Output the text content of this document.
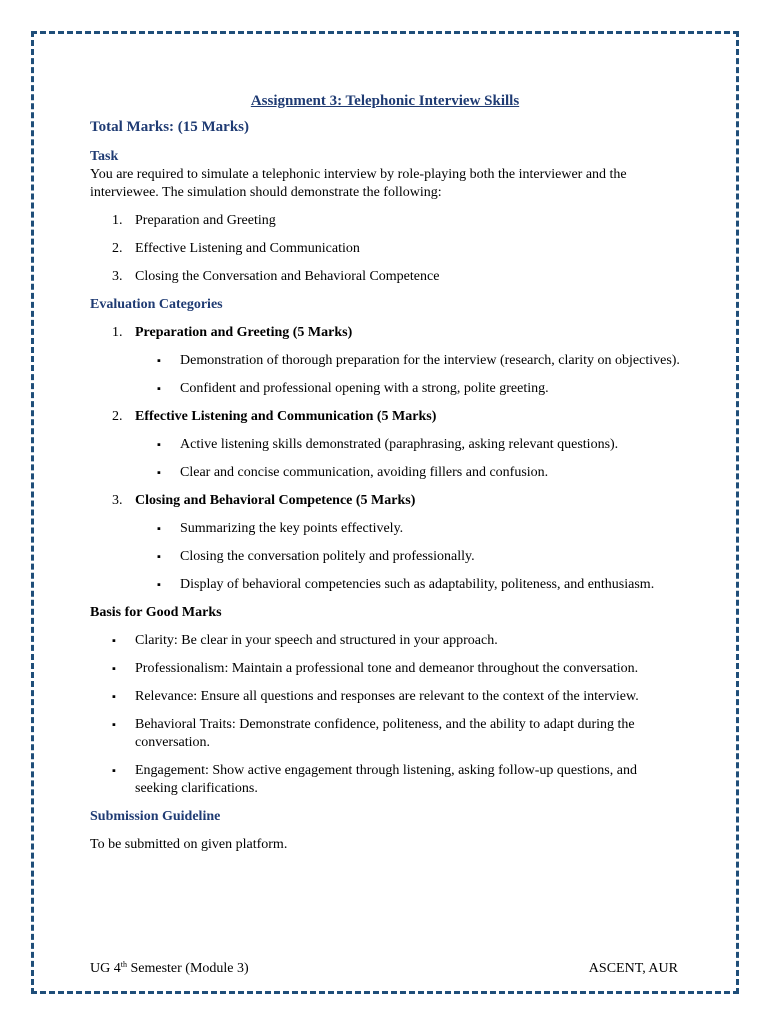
Assignment 3: Telephonic Interview Skills
Total Marks: (15 Marks)
Task
You are required to simulate a telephonic interview by role-playing both the interviewer and the interviewee. The simulation should demonstrate the following:
1. Preparation and Greeting
2. Effective Listening and Communication
3. Closing the Conversation and Behavioral Competence
Evaluation Categories
1. Preparation and Greeting (5 Marks)
▪ Demonstration of thorough preparation for the interview (research, clarity on objectives).
▪ Confident and professional opening with a strong, polite greeting.
2. Effective Listening and Communication (5 Marks)
▪ Active listening skills demonstrated (paraphrasing, asking relevant questions).
▪ Clear and concise communication, avoiding fillers and confusion.
3. Closing and Behavioral Competence (5 Marks)
▪ Summarizing the key points effectively.
▪ Closing the conversation politely and professionally.
▪ Display of behavioral competencies such as adaptability, politeness, and enthusiasm.
Basis for Good Marks
▪ Clarity: Be clear in your speech and structured in your approach.
▪ Professionalism: Maintain a professional tone and demeanor throughout the conversation.
▪ Relevance: Ensure all questions and responses are relevant to the context of the interview.
▪ Behavioral Traits: Demonstrate confidence, politeness, and the ability to adapt during the conversation.
▪ Engagement: Show active engagement through listening, asking follow-up questions, and seeking clarifications.
Submission Guideline
To be submitted on given platform.
UG 4th Semester (Module 3)	ASCENT, AUR
